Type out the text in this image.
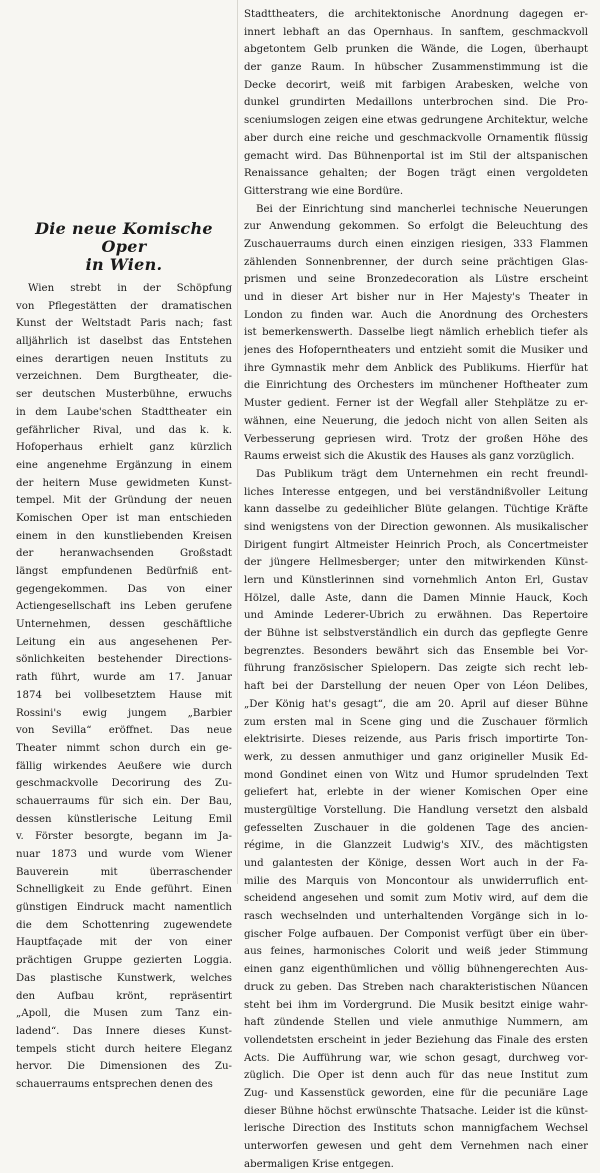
Die neue Komische Oper
in Wien.
Wien strebt in der Schöpfung
von Pflegestätten der dramatischen
Kunst der Weltstadt Paris nach; fast
alljährlich ist daselbst das Entstehen
eines derartigen neuen Instituts zu
verzeichnen. Dem Burgtheater, die-
ser deutschen Musterbühne, erwuchs
in dem Laube'schen Stadttheater ein
gefährlicher Rival, und das k. k.
Hofoperhaus erhielt ganz kürzlich
eine angenehme Ergänzung in einem
der heitern Muse gewidmeten Kunst-
tempel. Mit der Gründung der neuen
Komischen Oper ist man entschieden
einem in den kunstliebenden Kreisen
der heranwachsenden Großstadt
längst empfundenen Bedürfniß ent-
gegengekommen. Das von einer
Actiengesellschaft ins Leben gerufene
Unternehmen, dessen geschäftliche
Leitung ein aus angesehenen Per-
sönlichkeiten bestehender Directions-
rath führt, wurde am 17. Januar
1874 bei vollbesetztem Hause mit
Rossini's ewig jungem „Barbier
von Sevilla“ eröffnet. Das neue
Theater nimmt schon durch ein ge-
fällig wirkendes Aeußere wie durch
geschmackvolle Decorirung des Zu-
schauerraums für sich ein. Der Bau,
dessen künstlerische Leitung Emil
v. Förster besorgte, begann im Ja-
nuar 1873 und wurde vom Wiener
Bauverein mit überraschender
Schnelligkeit zu Ende geführt. Einen
günstigen Eindruck macht namentlich
die dem Schottenring zugewendete
Hauptfaçade mit der von einer
prächtigen Gruppe gezierten Loggia.
Das plastische Kunstwerk, welches
den Aufbau krönt, repräsentirt
„Apoll, die Musen zum Tanz ein-
ladend“. Das Innere dieses Kunst-
tempels sticht durch heitere Eleganz
hervor. Die Dimensionen des Zu-
schauerraums entsprechen denen des
Stadttheaters, die architektonische Anordnung dagegen er-
innert lebhaft an das Opernhaus. In sanftem, geschmackvoll
abgetontem Gelb prunken die Wände, die Logen, überhaupt
der ganze Raum. In hübscher Zusammenstimmung ist die
Decke decorirt, weiß mit farbigen Arabesken, welche von
dunkel grundirten Medaillons unterbrochen sind. Die Pro-
sceniumslogen zeigen eine etwas gedrungene Architektur, welche
aber durch eine reiche und geschmackvolle Ornamentik flüssig
gemacht wird. Das Bühnenportal ist im Stil der altspanischen
Renaissance gehalten; der Bogen trägt einen vergoldeten
Gitterstrang wie eine Bordüre.
Bei der Einrichtung sind mancherlei technische Neuerungen
zur Anwendung gekommen. So erfolgt die Beleuchtung des
Zuschauerraums durch einen einzigen riesigen, 333 Flammen
zählenden Sonnenbrenner, der durch seine prächtigen Glas-
prismen und seine Bronzedecoration als Lüstre erscheint
und in dieser Art bisher nur in Her Majesty's Theater in
London zu finden war. Auch die Anordnung des Orchesters
ist bemerkenswerth. Dasselbe liegt nämlich erheblich tiefer als
jenes des Hofoperntheaters und entzieht somit die Musiker und
ihre Gymnastik mehr dem Anblick des Publikums. Hierfür hat
die Einrichtung des Orchesters im münchener Hoftheater zum
Muster gedient. Ferner ist der Wegfall aller Stehplätze zu er-
wähnen, eine Neuerung, die jedoch nicht von allen Seiten als
Verbesserung gepriesen wird. Trotz der großen Höhe des
Raums erweist sich die Akustik des Hauses als ganz vorzüglich.
Das Publikum trägt dem Unternehmen ein recht freundl-
liches Interesse entgegen, und bei verständnißvoller Leitung
kann dasselbe zu gedeihlicher Blüte gelangen. Tüchtige Kräfte
sind wenigstens von der Direction gewonnen. Als musikalischer
Dirigent fungirt Altmeister Heinrich Proch, als Concertmeister
der jüngere Hellmesberger; unter den mitwirkenden Künst-
lern und Künstlerinnen sind vornehmlich Anton Erl, Gustav
Hölzel, dalle Aste, dann die Damen Minnie Hauck, Koch
und Aminde Lederer-Ubrich zu erwähnen. Das Repertoire
der Bühne ist selbstverständlich ein durch das gepflegte Genre
begrenztes. Besonders bewährt sich das Ensemble bei Vor-
führung französischer Spielopern. Das zeigte sich recht leb-
haft bei der Darstellung der neuen Oper von Léon Delibes,
„Der König hat's gesagt“, die am 20. April auf dieser Bühne
zum ersten mal in Scene ging und die Zuschauer förmlich
elektrisirte. Dieses reizende, aus Paris frisch importirte Ton-
werk, zu dessen anmuthiger und ganz origineller Musik Ed-
mond Gondinet einen von Witz und Humor sprudelnden Text
geliefert hat, erlebte in der wiener Komischen Oper eine
mustergültige Vorstellung. Die Handlung versetzt den alsbald
gefesselten Zuschauer in die goldenen Tage des ancien-
régime, in die Glanzzeit Ludwig's XIV., des mächtigsten
und galantesten der Könige, dessen Wort auch in der Fa-
milie des Marquis von Moncontour als unwiderruflich ent-
scheidend angesehen und somit zum Motiv wird, auf dem die
rasch wechselnden und unterhaltenden Vorgänge sich in lo-
gischer Folge aufbauen. Der Componist verfügt über ein über-
aus feines, harmonisches Colorit und weiß jeder Stimmung
einen ganz eigenthümlichen und völlig bühnengerechten Aus-
druck zu geben. Das Streben nach charakteristischen Nüancen
steht bei ihm im Vordergrund. Die Musik besitzt einige wahr-
haft zündende Stellen und viele anmuthige Nummern, am
vollendetsten erscheint in jeder Beziehung das Finale des ersten
Acts. Die Aufführung war, wie schon gesagt, durchweg vor-
züglich. Die Oper ist denn auch für das neue Institut zum
Zug- und Kassenstück geworden, eine für die pecuniäre Lage
dieser Bühne höchst erwünschte Thatsache. Leider ist die künst-
lerische Direction des Instituts schon mannigfachem Wechsel
unterworfen gewesen und geht dem Vernehmen nach einer
abermaligen Krise entgegen.
